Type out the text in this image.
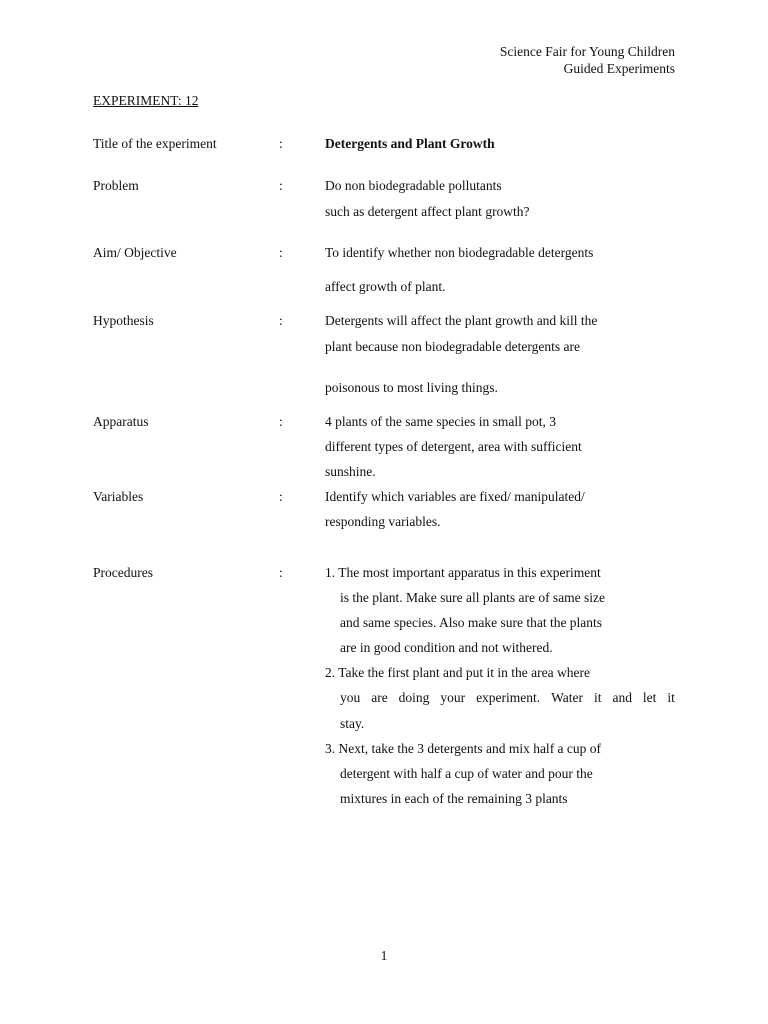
Science Fair for Young Children
Guided Experiments
EXPERIMENT: 12
Title of the experiment	:	Detergents and Plant Growth
Problem	:	Do non biodegradable pollutants
such as detergent affect plant growth?
Aim/ Objective	:	To identify whether non biodegradable detergents
affect growth of plant.
Hypothesis	:	Detergents will affect the plant growth and kill the
plant because non biodegradable detergents are
poisonous to most living things.
Apparatus	:	4 plants of the same species in small pot, 3
different types of detergent, area with sufficient
sunshine.
Variables	:	Identify which variables are fixed/ manipulated/
responding variables.
Procedures	:	1. The most important apparatus in this experiment
is the plant. Make sure all plants are of same size
and same species. Also make sure that the plants
are in good condition and not withered.
2. Take the first plant and put it in the area where
you are doing your experiment. Water it and let it
stay.
3. Next, take the 3 detergents and mix half a cup of
detergent with half a cup of water and pour the
mixtures in each of the remaining 3 plants
1
